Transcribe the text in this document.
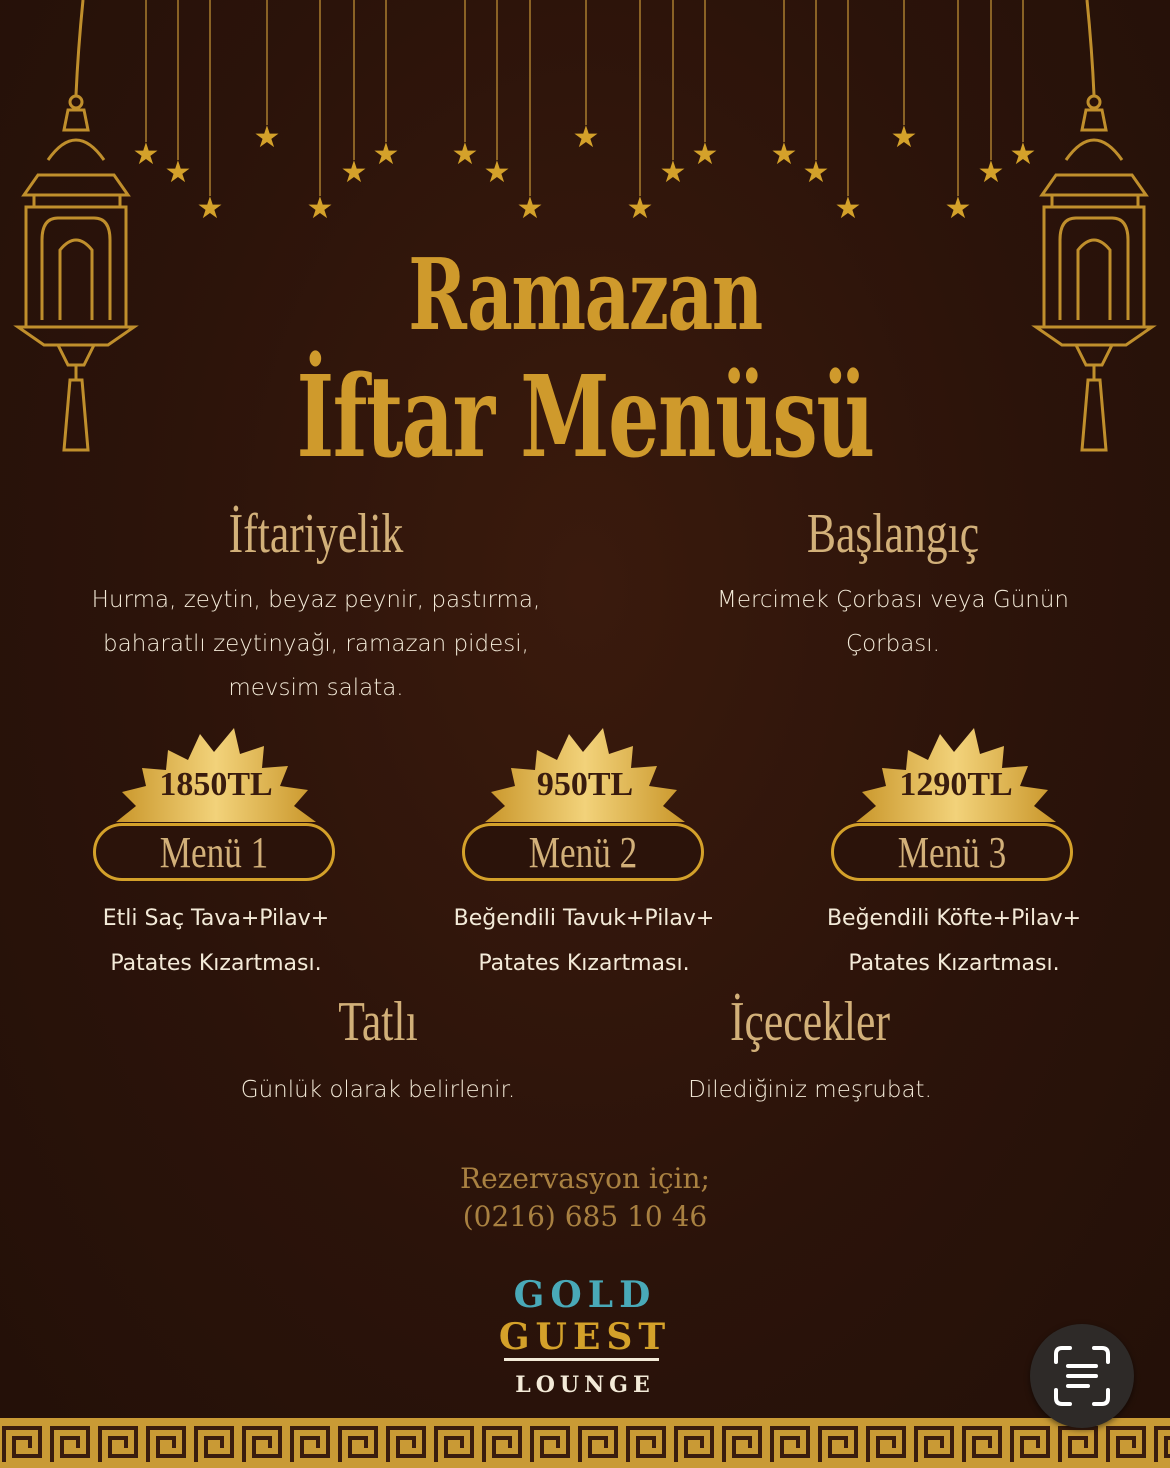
★
★
★
★
★
★
★ ★
★
★
★
★
★
★ ★
★
★
★
★
★
★
Ramazan
İftar Menüsü
İftariyelik
Hurma, zeytin, beyaz peynir, pastırma,
baharatlı zeytinyağı, ramazan pidesi,
mevsim salata.
Başlangıç
Mercimek Çorbası veya Günün
Çorbası.
1850TL
Menü 1
Etli Saç Tava+Pilav+
Patates Kızartması.
950TL
Menü 2
Beğendili Tavuk+Pilav+
Patates Kızartması.
1290TL
Menü 3
Beğendili Köfte+Pilav+
Patates Kızartması.
Tatlı
Günlük olarak belirlenir.
İçecekler
Dilediğiniz meşrubat.
Rezervasyon için;
(0216) 685 10 46
GOLD
GUEST
LOUNGE
